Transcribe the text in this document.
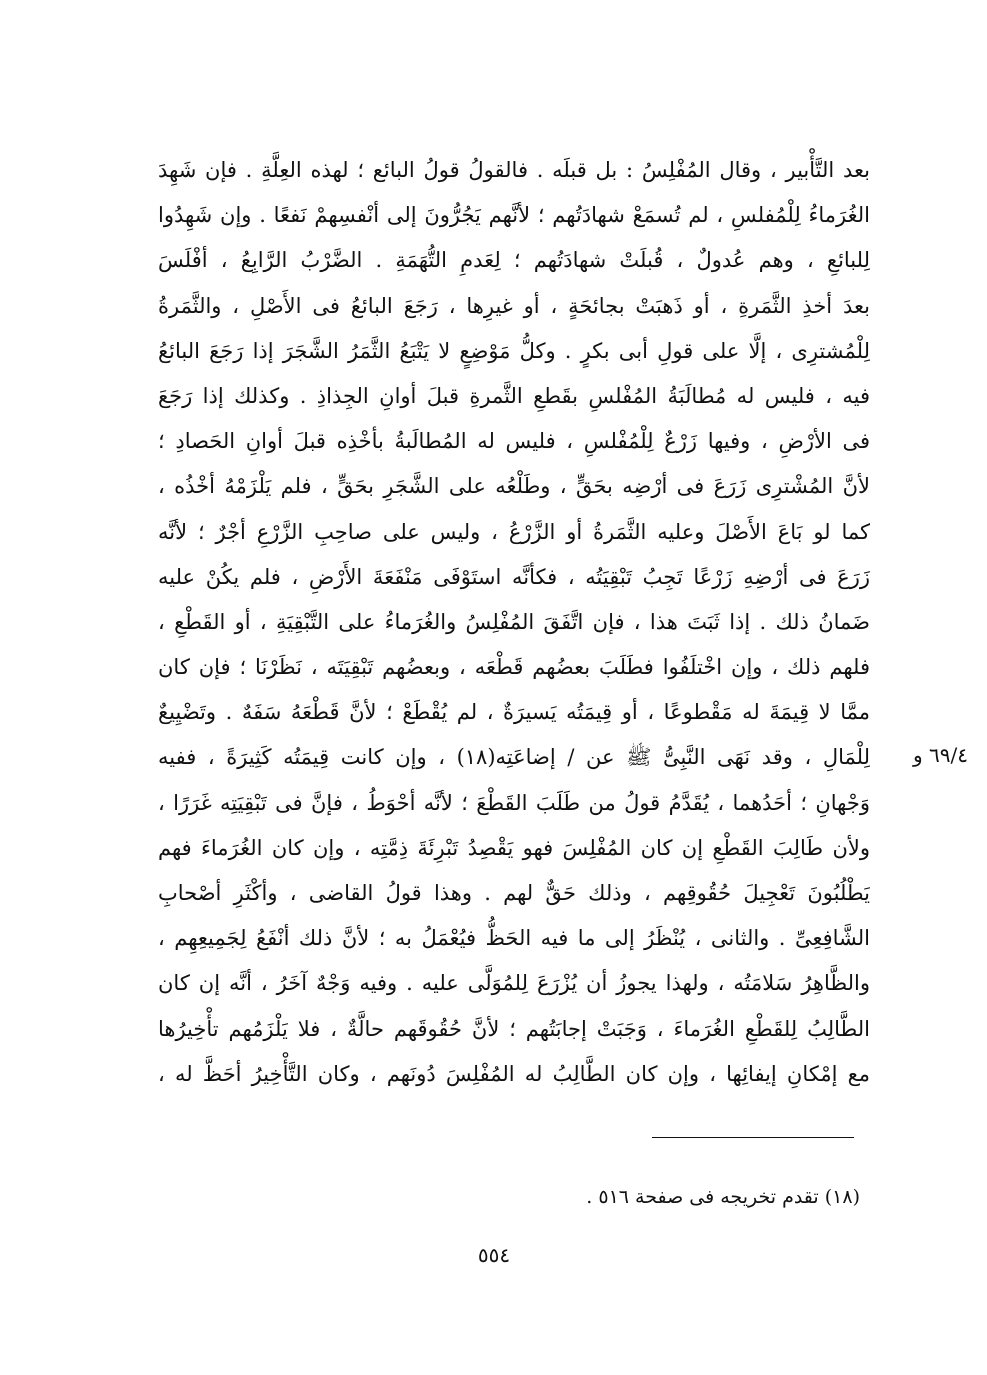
بعد التَّأْبير ، وقال المُفْلِسُ : بل قبلَه . فالقولُ قولُ البائع ؛ لهذه العِلَّةِ . فإن شَهِدَ
الغُرَماءُ لِلْمُفلسِ ، لم تُسمَعْ شهادَتُهم ؛ لأنَّهم يَجُرُّونَ إلى أنْفسِهمْ نَفعًا . وإن شَهِدُوا
لِلبائعِ ، وهم عُدولٌ ، قُبلَتْ شهادَتُهم ؛ لِعَدمِ التُّهَمَةِ . الضَّرْبُ الرَّابِعُ ، أفْلَسَ
بعدَ أخذِ الثَّمَرةِ ، أو ذَهبَتْ بجائحَةٍ ، أو غيرِها ، رَجَعَ البائعُ فى الأَصْلِ ، والثَّمَرةُ
لِلْمُشترِى ، إلَّا على قولِ أبى بكرٍ . وكلُّ مَوْضِعٍ لا يَتْبَعُ الثَّمَرُ الشَّجَرَ إذا رَجَعَ البائعُ
فيه ، فليس له مُطالَبَةُ المُفْلسِ بقَطعِ الثَّمرةِ قبلَ أوانِ الجِذاذِ . وكذلك إذا رَجَعَ
فى الأرْضِ ، وفيها زَرْعٌ لِلْمُفْلسِ ، فليس له المُطالَبةُ بأخْذِه قبلَ أوانِ الحَصادِ ؛
لأنَّ المُشْترِى زَرَعَ فى أرْضِه بحَقٍّ ، وطَلْعُه على الشَّجَرِ بحَقٍّ ، فلم يَلْزَمْهُ أخْذُه ،
كما لو بَاعَ الأَصْلَ وعليه الثَّمَرةُ أو الزَّرْعُ ، وليس على صاحِبِ الزَّرْعِ أجْرٌ ؛ لأنَّه
زَرَعَ فى أرْضِهِ زَرْعًا تَجِبُ تَبْقِيَتُه ، فكأنَّه استَوْفَى مَنْفَعَةَ الأَرْضِ ، فلم يكُنْ عليه
ضَمانُ ذلك . إذا ثَبَتَ هذا ، فإن اتَّفَقَ المُفْلِسُ والغُرَماءُ على التَّبْقِيَةِ ، أو القَطْعِ ،
فلهم ذلك ، وإن اخْتلَفُوا فطَلَبَ بعضُهم قَطْعَه ، وبعضُهم تَبْقِيَتَه ، نَظَرْنَا ؛ فإن كان
ممَّا لا قِيمَةَ له مَقْطوعًا ، أو قِيمَتُه يَسيرَةٌ ، لم يُقْطَعْ ؛ لأنَّ قَطْعَهُ سَفَهٌ . وتَضْيِيعٌ
لِلْمَالِ ، وقد نَهَى النَّبِىُّ ﷺ عن / إضاعَتِه(١٨) ، وإن كانت قِيمَتُه كَثِيرَةً ، ففيه
وَجْهانِ ؛ أحَدُهما ، يُقَدَّمُ قولُ من طَلَبَ القَطْعَ ؛ لأنَّه أحْوَطُ ، فإنَّ فى تَبْقِيَتِه غَرَرًا ،
ولأن طَالِبَ القَطْعِ إن كان المُفْلِسَ فهو يَقْصِدُ تَبْرِئَةَ ذِمَّتِه ، وإن كان الغُرَماءَ فهم
يَطْلُبُونَ تَعْجِيلَ حُقُوقِهم ، وذلك حَقٌّ لهم . وهذا قولُ القاضى ، وأكْثَرِ أصْحابِ
الشَّافِعِىِّ . والثانى ، يُنْظَرُ إلى ما فيه الحَظُّ فيُعْمَلُ به ؛ لأنَّ ذلك أنْفَعُ لِجَمِيعِهِم ،
والظَّاهِرُ سَلامَتُه ، ولهذا يجوزُ أن يُزْرَعَ لِلمُوَلَّى عليه . وفيه وَجْهٌ آخَرُ ، أنَّه إن كان
الطَّالِبُ لِلقَطْعِ الغُرَماءَ ، وَجَبَتْ إجابَتُهم ؛ لأنَّ حُقُوقَهم حالَّةٌ ، فلا يَلْزَمُهم تأْخِيرُها
مع إمْكانِ إيفائِها ، وإن كان الطَّالِبُ له المُفْلِسَ دُونَهم ، وكان التَّأْخِيرُ أحَظَّ له ،
٦٩/٤ و
(١٨) تقدم تخريجه فى صفحة ٥١٦ .
٥٥٤
